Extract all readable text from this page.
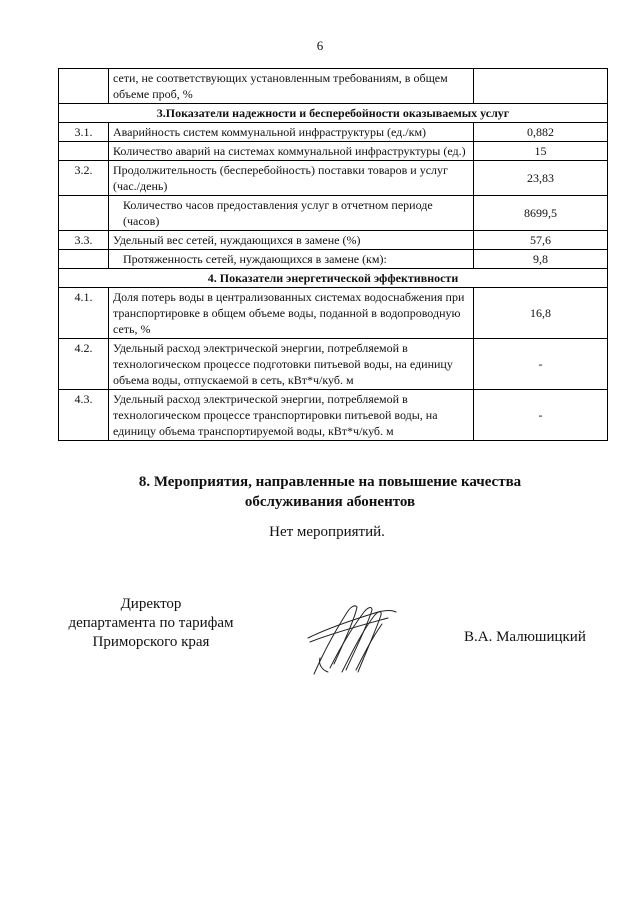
6
	сети, не соответствующих установленным требованиям, в общем объеме проб, %	
3.Показатели надежности и бесперебойности оказываемых услуг		
3.1.	Аварийность систем коммунальной инфраструктуры (ед./км)	0,882
	Количество аварий на системах коммунальной инфраструктуры (ед.)	15
3.2.	Продолжительность (бесперебойность) поставки товаров и услуг (час./день)	23,83
	Количество часов предоставления услуг в отчетном периоде (часов)	8699,5
3.3.	Удельный вес сетей, нуждающихся в замене (%)	57,6
	Протяженность сетей, нуждающихся в замене (км):	9,8
4. Показатели энергетической эффективности		
4.1.	Доля потерь воды в централизованных системах водоснабжения при транспортировке в общем объеме воды, поданной в водопроводную сеть, %	16,8
4.2.	Удельный расход электрической энергии, потребляемой в технологическом процессе подготовки питьевой воды, на единицу объема воды, отпускаемой в сеть, кВт*ч/куб. м	-
4.3.	Удельный расход электрической энергии, потребляемой в технологическом процессе транспортировки питьевой воды, на единицу объема транспортируемой воды, кВт*ч/куб. м	-
8. Мероприятия, направленные на повышение качества
обслуживания абонентов
Нет мероприятий.
Директор
департамента по тарифам
Приморского края	В.А. Малюшицкий
